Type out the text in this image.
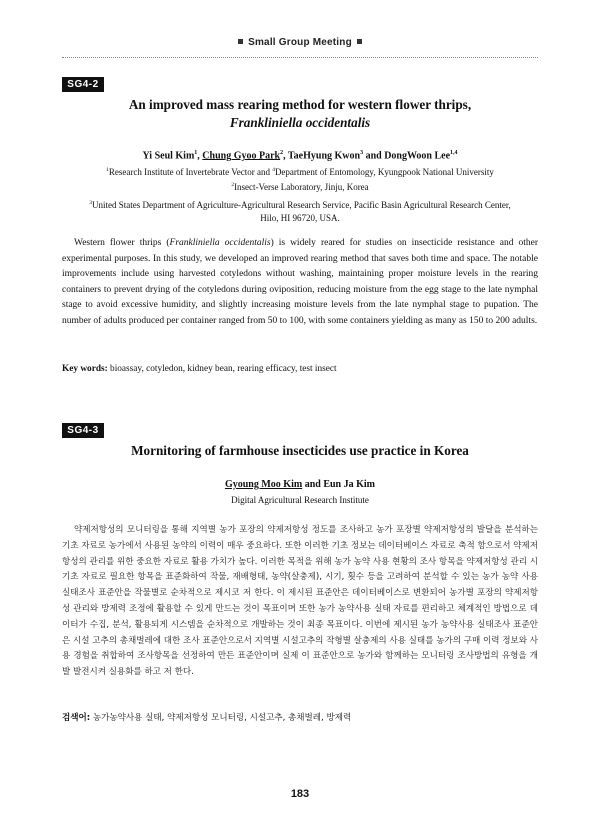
Small Group Meeting
SG4-2
An improved mass rearing method for western flower thrips,
Frankliniella occidentalis
Yi Seul Kim$^1$, Chung Gyoo Park$^2$, TaeHyung Kwon$^3$ and DongWoon Lee$^{1,4}$
$^1$Research Institute of Invertebrate Vector and $^4$Department of Entomology, Kyungpook National University
$^2$Insect-Verse Laboratory, Jinju, Korea
$^3$United States Department of Agriculture-Agricultural Research Service, Pacific Basin Agricultural Research Center,
Hilo, HI 96720, USA.

Western flower thrips (Frankliniella occidentalis) is widely reared for studies on insecticide resistance and other experimental purposes. In this study, we developed an improved rearing method that saves both time and space. The notable improvements include using harvested cotyledons without washing, maintaining proper moisture levels in the rearing containers to prevent drying of the cotyledons during oviposition, reducing moisture from the egg stage to the late nymphal stage to avoid excessive humidity, and slightly increasing moisture levels from the late nymphal stage to pupation. The number of adults produced per container ranged from 50 to 100, with some containers yielding as many as 150 to 200 adults.

Key words: bioassay, cotyledon, kidney bean, rearing efficacy, test insect
SG4-3
Mornitoring of farmhouse insecticides use practice in Korea
Gyoung Moo Kim and Eun Ja Kim
Digital Agricultural Research Institute

약제저항성의 모니터링을 통해 지역별 농가 포장의 약제저항성 정도를 조사하고 농가 포장별 약제저항성의 발달을 분석하는 기초 자료로 농가에서 사용된 농약의 이력이 매우 중요하다. 또한 이러한 기초 정보는 데이터베이스 자료로 축적 함으로서 약제저항성의 관리를 위한 중요한 자료로 활용 가치가 높다. 이러한 목적을 위해 농가 농약 사용 현황의 조사 항목을 약제저항성 관리 시 기초 자료로 필요한 항목을 표준화하여 작물, 재배형태, 농약(살충제), 시기, 횟수 등을 고려하여 분석할 수 있는 농가 농약 사용 실태조사 표준안을 작물별로 순차적으로 제시코 저 한다. 이 제시된 표준안은 데이터베이스로 변환되어 농가별 포장의 약제저항성 관리와 방제력 조정에 활용할 수 있게 만드는 것이 목표이며 또한 농가 농약사용 실태 자료를 편리하고 체계적인 방법으로 데이터가 수집, 분석, 활용되게 시스템을 순차적으로 개발하는 것이 최종 목표이다. 이번에 제시된 농가 농약사용 실태조사 표준안은 시설 고추의 총채벌레에 대한 조사 표준안으로서 지역별 시설고추의 작형별 살충제의 사용 실태를 농가의 구매 이력 정보와 사용 경험을 취합하여 조사항목을 선정하여 만든 표준안이며 실제 이 표준안으로 농가와 함께하는 모니터링 조사방법의 유형을 개발 발전시켜 실용화를 하고 저 한다.

검색어: 농가농약사용 실태, 약제저항성 모니터링, 시설고추, 총채벌레, 방제력
183
